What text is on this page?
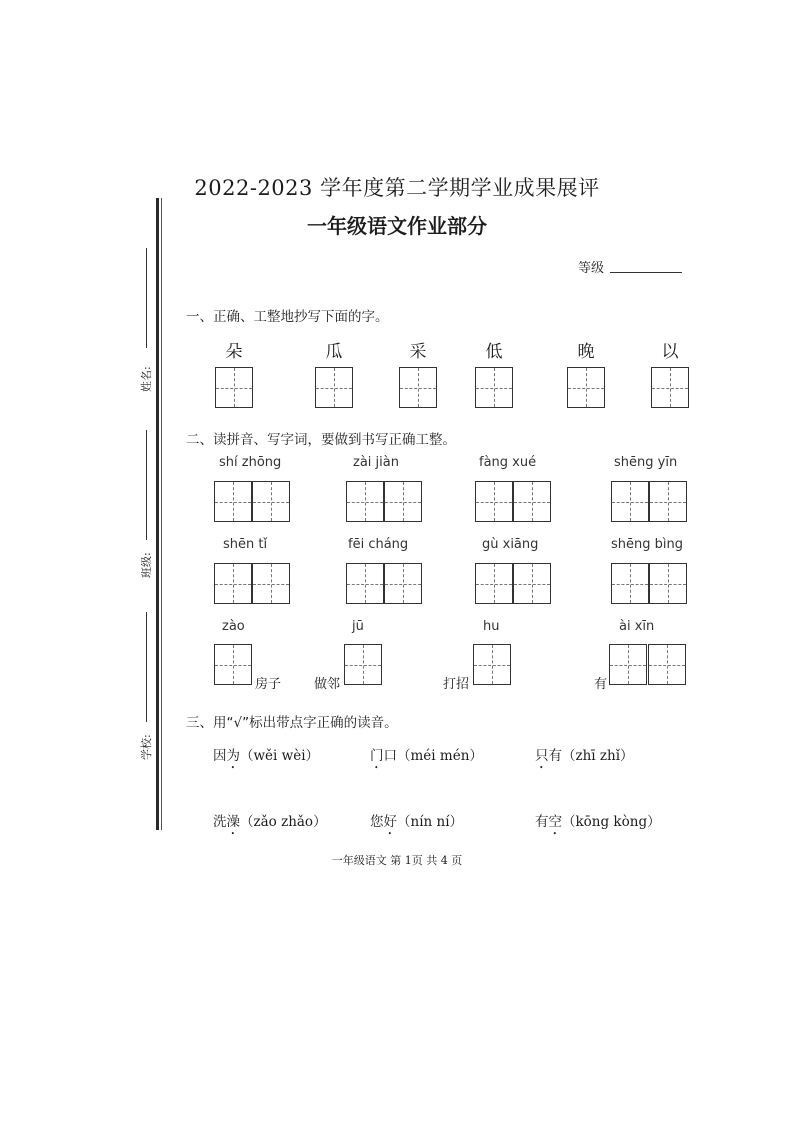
姓名:
班级:
学校:
2022-2023 学年度第二学期学业成果展评
一年级语文作业部分
等级
一、正确、工整地抄写下面的字。
朵	瓜	采	低	晚	以
二、读拼音、写字词，要做到书写正确工整。
shí zhōng	zài jiàn	fàng xué	shēng yīn
shēn tǐ	fēi cháng	gù xiāng	shēng bìng
zào	jū	hu	ài xīn
房子	做邻	打招	有
三、用“√”标出带点字正确的读音。
因为（wěi wèi）	门口（méi mén）	只有（zhī zhǐ）
洗澡（zǎo zhǎo）	您好（nín ní）	有空（kōng kòng）
一年级语文 第 1页 共 4 页
